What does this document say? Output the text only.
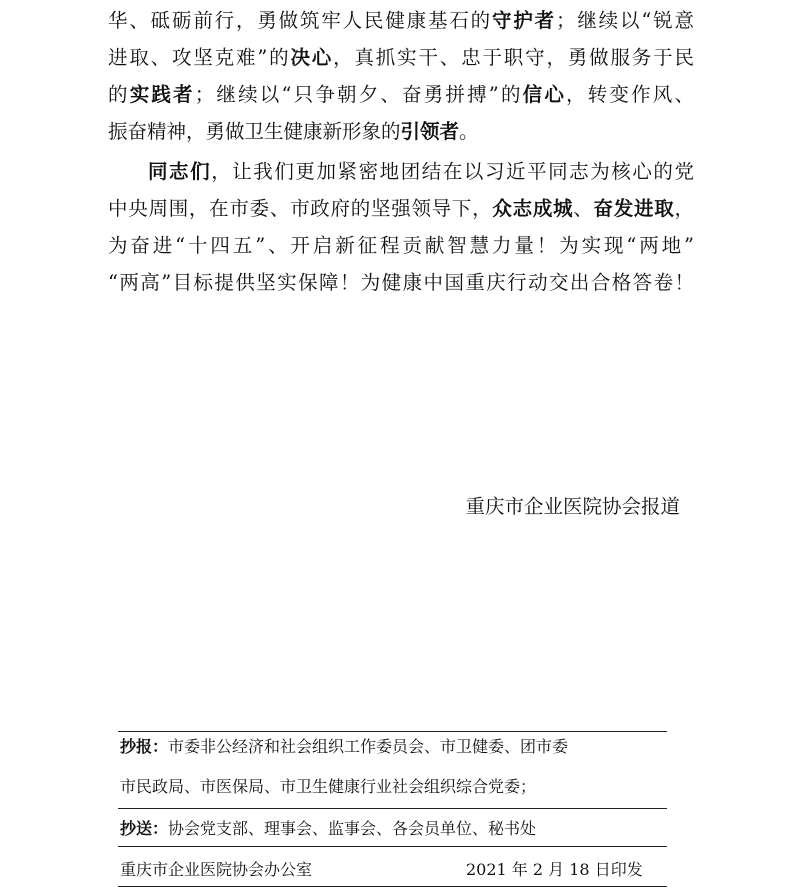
华、砥砺前行，勇做筑牢人民健康基石的守护者；继续以“锐意
进取、攻坚克难”的决心，真抓实干、忠于职守，勇做服务于民
的实践者；继续以“只争朝夕、奋勇拼搏”的信心，转变作风、
振奋精神，勇做卫生健康新形象的引领者。
同志们，让我们更加紧密地团结在以习近平同志为核心的党
中央周围，在市委、市政府的坚强领导下，众志成城、奋发进取，
为奋进“十四五”、开启新征程贡献智慧力量！为实现“两地”
“两高”目标提供坚实保障！为健康中国重庆行动交出合格答卷！
重庆市企业医院协会报道
抄报：市委非公经济和社会组织工作委员会、市卫健委、团市委
市民政局、市医保局、市卫生健康行业社会组织综合党委；
抄送：协会党支部、理事会、监事会、各会员单位、秘书处
重庆市企业医院协会办公室	2021 年 2 月 18 日印发
